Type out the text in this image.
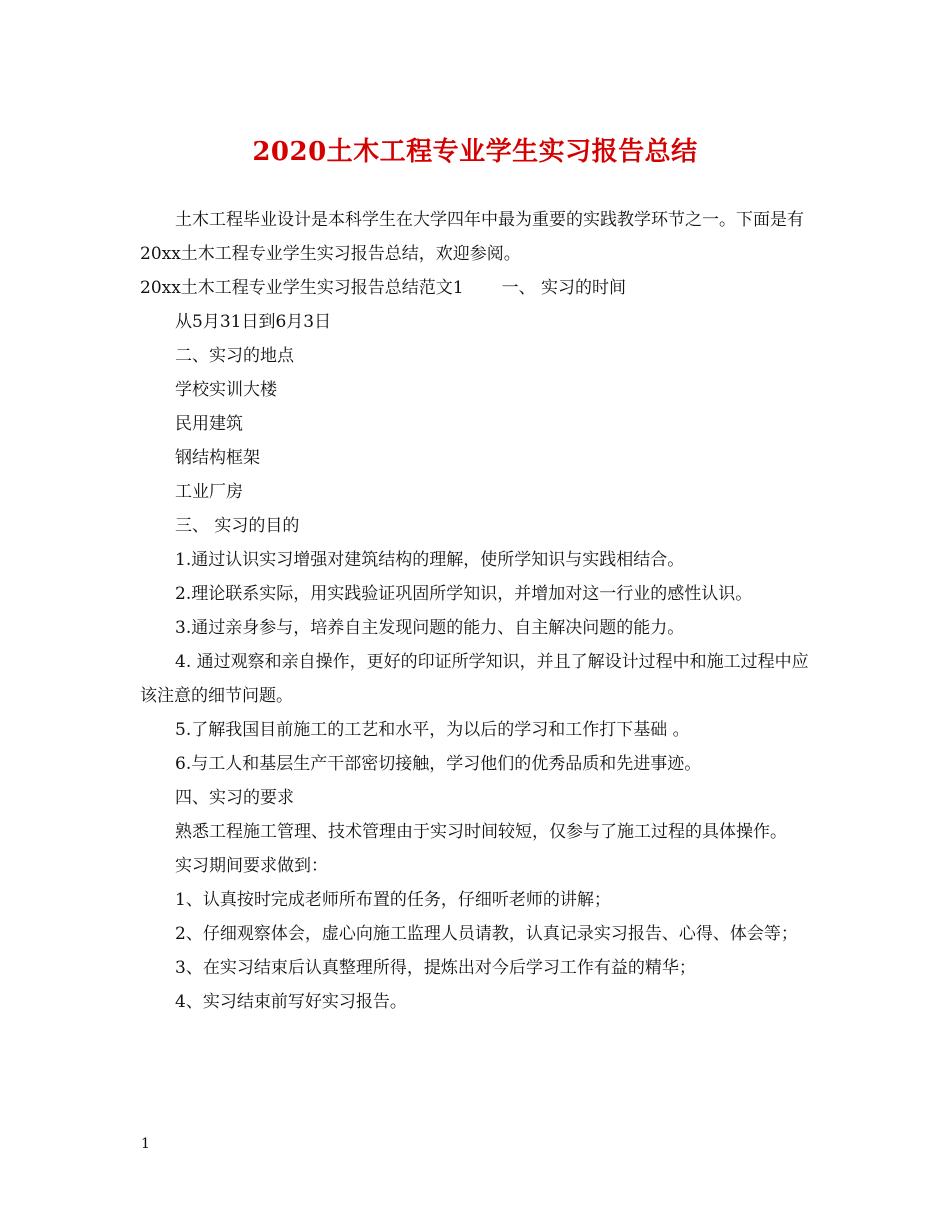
2020土木工程专业学生实习报告总结

土木工程毕业设计是本科学生在大学四年中最为重要的实践教学环节之一。下面是有20xx土木工程专业学生实习报告总结，欢迎参阅。

20xx土木工程专业学生实习报告总结范文1 一、 实习的时间

从5月31日到6月3日

二、实习的地点

学校实训大楼

民用建筑

钢结构框架

工业厂房

三、 实习的目的

1.通过认识实习增强对建筑结构的理解，使所学知识与实践相结合。

2.理论联系实际，用实践验证巩固所学知识，并增加对这一行业的感性认识。

3.通过亲身参与，培养自主发现问题的能力、自主解决问题的能力。

4. 通过观察和亲自操作，更好的印证所学知识，并且了解设计过程中和施工过程中应该注意的细节问题。

5.了解我国目前施工的工艺和水平，为以后的学习和工作打下基础 。

6.与工人和基层生产干部密切接触，学习他们的优秀品质和先进事迹。

四、实习的要求

熟悉工程施工管理、技术管理由于实习时间较短，仅参与了施工过程的具体操作。

实习期间要求做到：

1、认真按时完成老师所布置的任务，仔细听老师的讲解；

2、仔细观察体会，虚心向施工监理人员请教，认真记录实习报告、心得、体会等；

3、在实习结束后认真整理所得，提炼出对今后学习工作有益的精华；

4、实习结束前写好实习报告。

1
